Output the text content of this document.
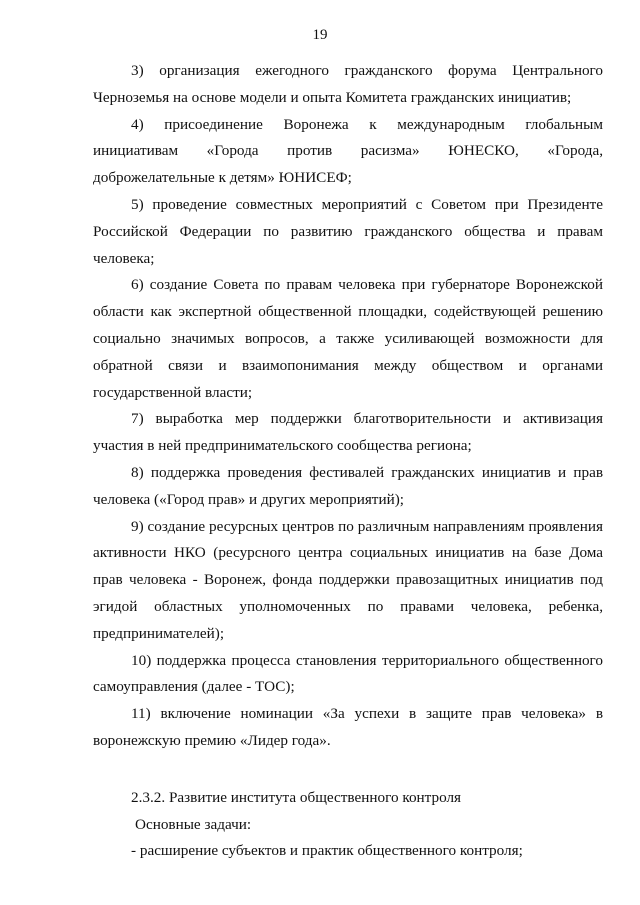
19

3) организация ежегодного гражданского форума Центрального Черноземья на основе модели и опыта Комитета гражданских инициатив;

4) присоединение Воронежа к международным глобальным инициативам «Города против расизма» ЮНЕСКО, «Города, доброжелательные к детям» ЮНИСЕФ;

5) проведение совместных мероприятий с Советом при Президенте Российской Федерации по развитию гражданского общества и правам человека;

6) создание Совета по правам человека при губернаторе Воронежской области как экспертной общественной площадки, содействующей решению социально значимых вопросов, а также усиливающей возможности для обратной связи и взаимопонимания между обществом и органами государственной власти;

7) выработка мер поддержки благотворительности и активизация участия в ней предпринимательского сообщества региона;

8) поддержка проведения фестивалей гражданских инициатив и прав человека («Город прав» и других мероприятий);

9) создание ресурсных центров по различным направлениям проявления активности НКО (ресурсного центра социальных инициатив на базе Дома прав человека - Воронеж, фонда поддержки правозащитных инициатив под эгидой областных уполномоченных по правами человека, ребенка, предпринимателей);

10) поддержка процесса становления территориального общественного самоуправления (далее - ТОС);

11) включение номинации «За успехи в защите прав человека» в воронежскую премию «Лидер года».

2.3.2. Развитие института общественного контроля

Основные задачи:

- расширение субъектов и практик общественного контроля;
